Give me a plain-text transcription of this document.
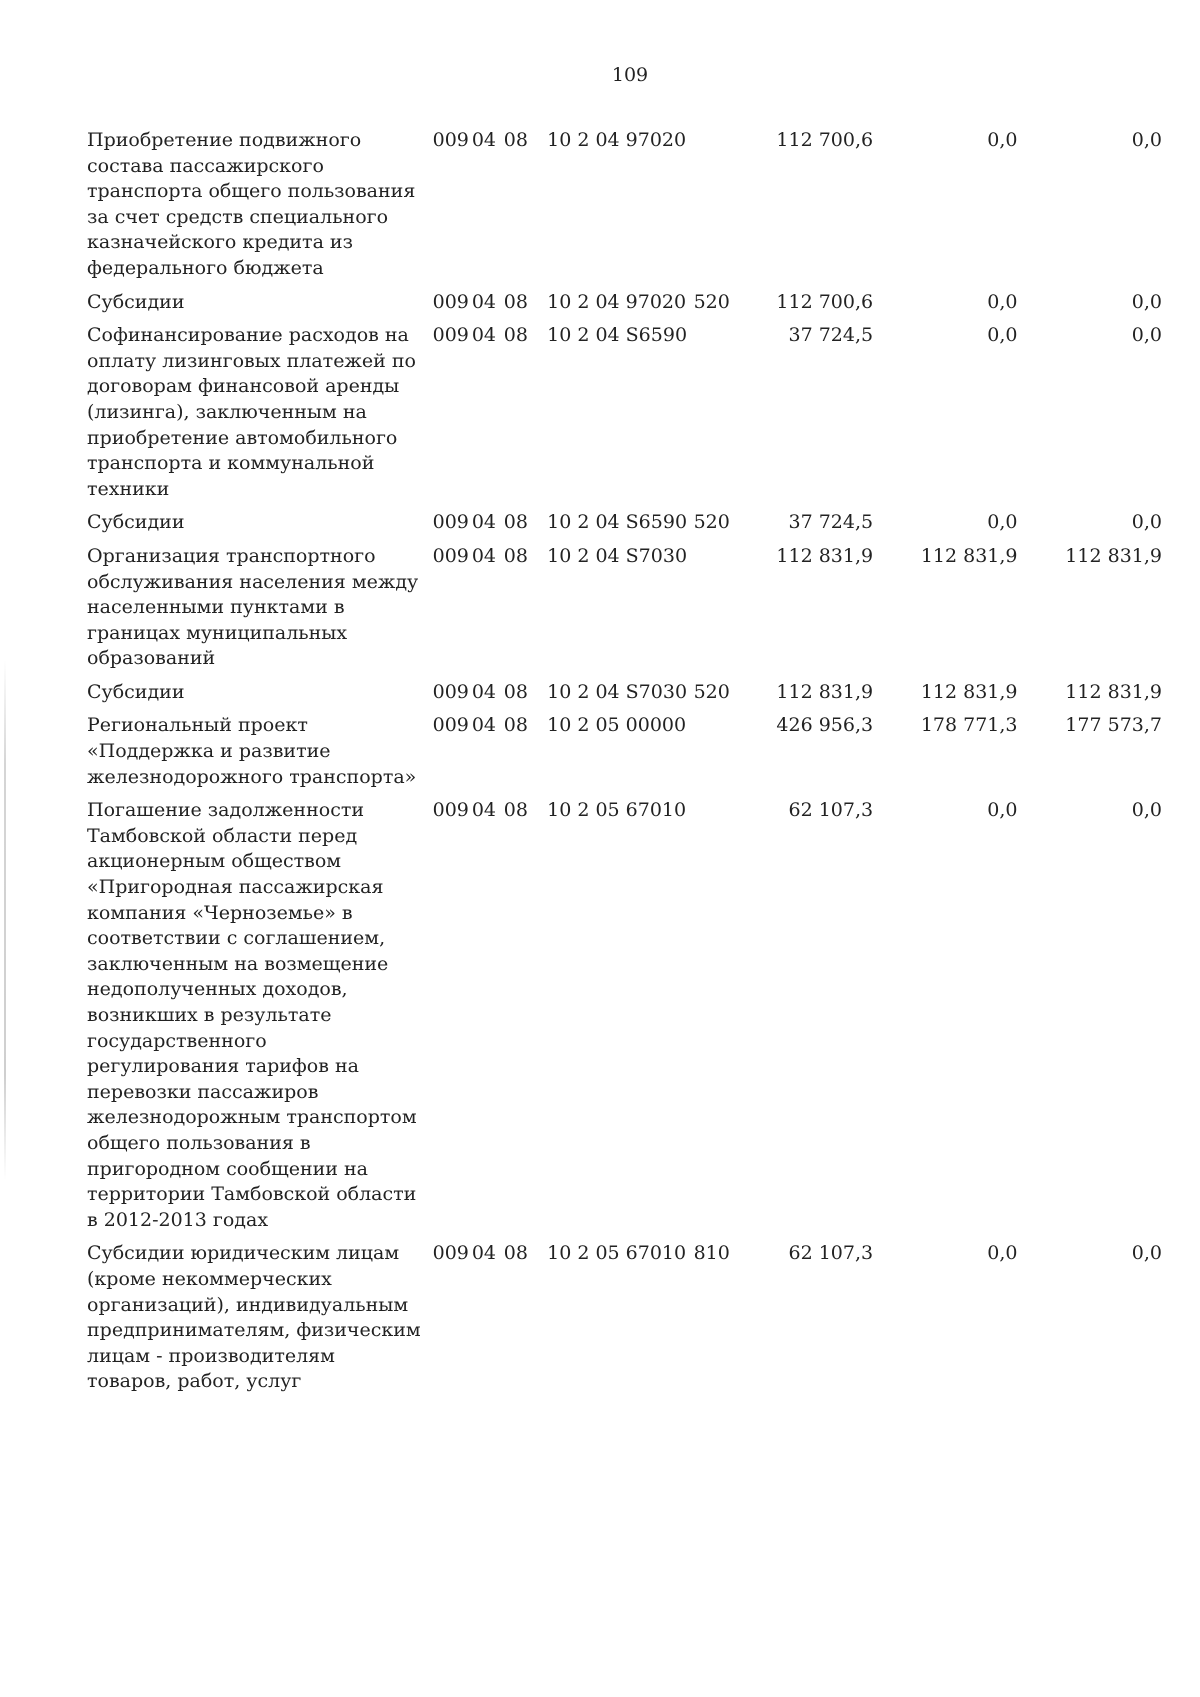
109
Приобретение подвижного состава пассажирского транспорта общего пользования за счет средств специального казначейского кредита из федерального бюджета	009	04	08	10 2 04 97020		112 700,6	0,0	0,0
Субсидии	009	04	08	10 2 04 97020	520	112 700,6	0,0	0,0
Софинансирование расходов на оплату лизинговых платежей по договорам финансовой аренды (лизинга), заключенным на приобретение автомобильного транспорта и коммунальной техники	009	04	08	10 2 04 S6590		37 724,5	0,0	0,0
Субсидии	009	04	08	10 2 04 S6590	520	37 724,5	0,0	0,0
Организация транспортного обслуживания населения между населенными пунктами в границах муниципальных образований	009	04	08	10 2 04 S7030		112 831,9	112 831,9	112 831,9
Субсидии	009	04	08	10 2 04 S7030	520	112 831,9	112 831,9	112 831,9
Региональный проект «Поддержка и развитие железнодорожного транспорта»	009	04	08	10 2 05 00000		426 956,3	178 771,3	177 573,7
Погашение задолженности Тамбовской области перед акционерным обществом «Пригородная пассажирская компания «Черноземье» в соответствии с соглашением, заключенным на возмещение недополученных доходов, возникших в результате государственного регулирования тарифов на перевозки пассажиров железнодорожным транспортом общего пользования в пригородном сообщении на территории Тамбовской области в 2012-2013 годах	009	04	08	10 2 05 67010		62 107,3	0,0	0,0
Субсидии юридическим лицам (кроме некоммерческих организаций), индивидуальным предпринимателям, физическим лицам - производителям товаров, работ, услуг	009	04	08	10 2 05 67010	810	62 107,3	0,0	0,0
